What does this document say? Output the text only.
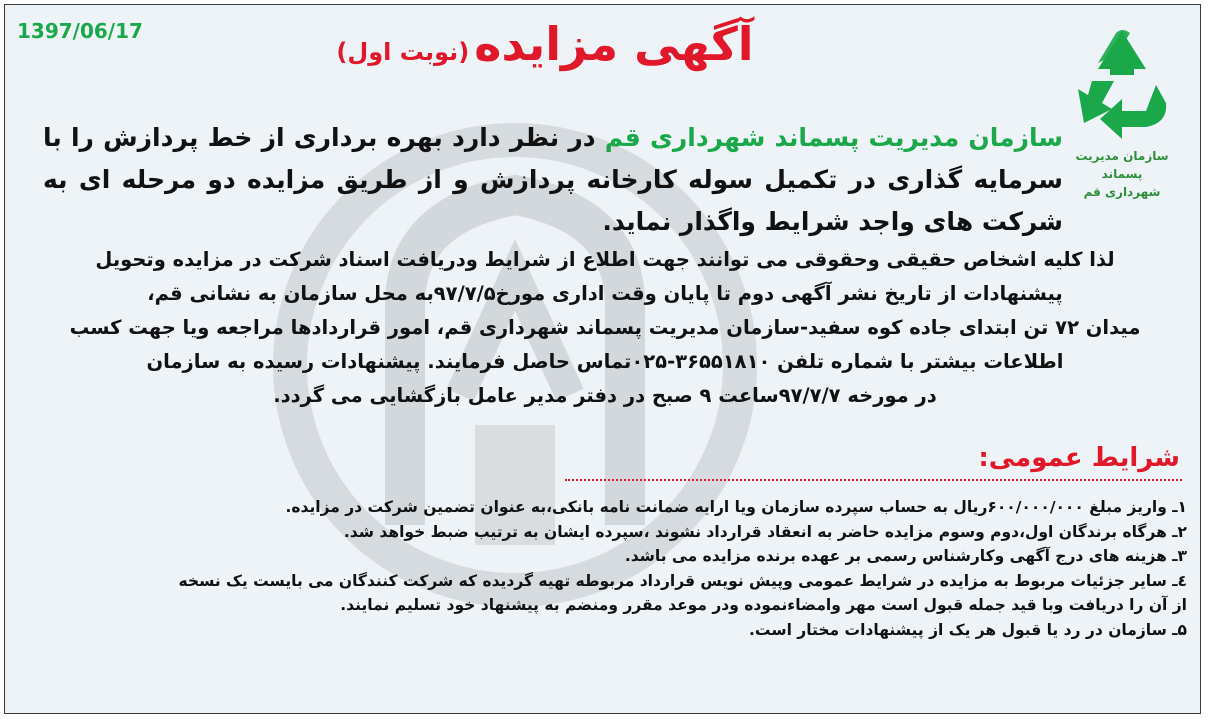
1397/06/17	آگهی مزایده (نوبت اول)
سازمان مدیریت پسماند
شهرداری قم
سازمان مدیریت پسماند شهرداری قم در نظر دارد بهره برداری از خط پردازش را با سرمایه گذاری در تکمیل سوله کارخانه پردازش و از طریق مزایده دو مرحله ای به شرکت های واجد شرایط واگذار نماید.
لذا کلیه اشخاص حقیقی وحقوقی می توانند جهت اطلاع از شرایط ودریافت اسناد شرکت در مزایده وتحویل
پیشنهادات از تاریخ نشر آگهی دوم تا پایان وقت اداری مورخ۹۷/۷/۵به محل سازمان به نشانی قم،
میدان ۷۲ تن ابتدای جاده کوه سفید-سازمان مدیریت پسماند شهرداری قم، امور قراردادها مراجعه ویا جهت کسب
اطلاعات بیشتر با شماره تلفن ۳۶۵۵۱۸۱۰-۰۲۵تماس حاصل فرمایند. پیشنهادات رسیده به سازمان
در مورخه ۹۷/۷/۷ساعت ۹ صبح در دفتر مدیر عامل بازگشایی می گردد.
شرایط عمومی:
۱ـ واریز مبلغ ۶۰۰/۰۰۰/۰۰۰ریال به حساب سپرده سازمان ویا ارایه ضمانت نامه بانکی،به عنوان تضمین شرکت در مزایده.
۲ـ هرگاه برندگان اول،دوم وسوم مزایده حاضر به انعقاد قرارداد نشوند ،سپرده ایشان به ترتیب ضبط خواهد شد.
۳ـ هزینه های درج آگهی وکارشناس رسمی بر عهده برنده مزایده می باشد.
٤ـ سایر جزئیات مربوط به مزایده در شرایط عمومی وپیش نویس قرارداد مربوطه تهیه گردیده که شرکت کنندگان می بایست یک نسخه
از آن را دریافت وبا قید جمله قبول است مهر وامضاءنموده ودر موعد مقرر ومنضم به پیشنهاد خود تسلیم نمایند.
۵ـ سازمان در رد یا قبول هر یک از پیشنهادات مختار است.
